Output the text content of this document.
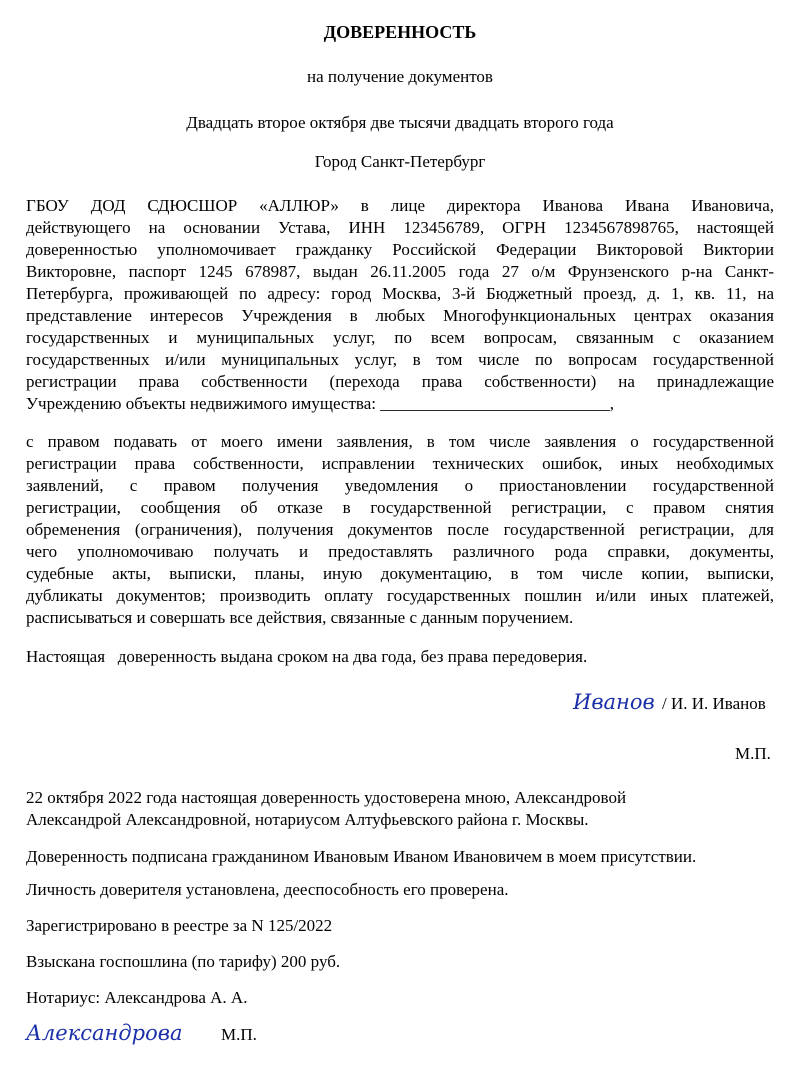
ДОВЕРЕННОСТЬ
на получение документов
Двадцать второе октября две тысячи двадцать второго года
Город Санкт-Петербург
ГБОУ ДОД СДЮСШОР «АЛЛЮР» в лице директора Иванова Ивана Ивановича,
действующего на основании Устава, ИНН 123456789, ОГРН 1234567898765, настоящей
доверенностью уполномочивает гражданку Российской Федерации Викторовой Виктории
Викторовне, паспорт 1245 678987, выдан 26.11.2005 года 27 о/м Фрунзенского р-на Санкт-
Петербурга, проживающей по адресу: город Москва, 3-й Бюджетный проезд, д. 1, кв. 11, на
представление интересов Учреждения в любых Многофункциональных центрах оказания
государственных и муниципальных услуг, по всем вопросам, связанным с оказанием
государственных и/или муниципальных услуг, в том числе по вопросам государственной
регистрации права собственности (перехода права собственности) на принадлежащие
Учреждению объекты недвижимого имущества: ___________________________,
с правом подавать от моего имени заявления, в том числе заявления о государственной
регистрации права собственности, исправлении технических ошибок, иных необходимых
заявлений, с правом получения уведомления о приостановлении государственной
регистрации, сообщения об отказе в государственной регистрации, с правом снятия
обременения (ограничения), получения документов после государственной регистрации, для
чего уполномочиваю получать и предоставлять различного рода справки, документы,
судебные акты, выписки, планы, иную документацию, в том числе копии, выписки,
дубликаты документов; производить оплату государственных пошлин и/или иных платежей,
расписываться и совершать все действия, связанные с данным поручением.
Настоящая   доверенность выдана сроком на два года, без права передоверия.
Иванов / И. И. Иванов
М.П.
22 октября 2022 года настоящая доверенность удостоверена мною, Александровой
Александрой Александровной, нотариусом Алтуфьевского района г. Москвы.
Доверенность подписана гражданином Ивановым Иваном Ивановичем в моем присутствии.
Личность доверителя установлена, дееспособность его проверена.
Зарегистрировано в реестре за N 125/2022
Взыскана госпошлина (по тарифу) 200 руб.
Нотариус: Александрова А. А.
Александрова М.П.
